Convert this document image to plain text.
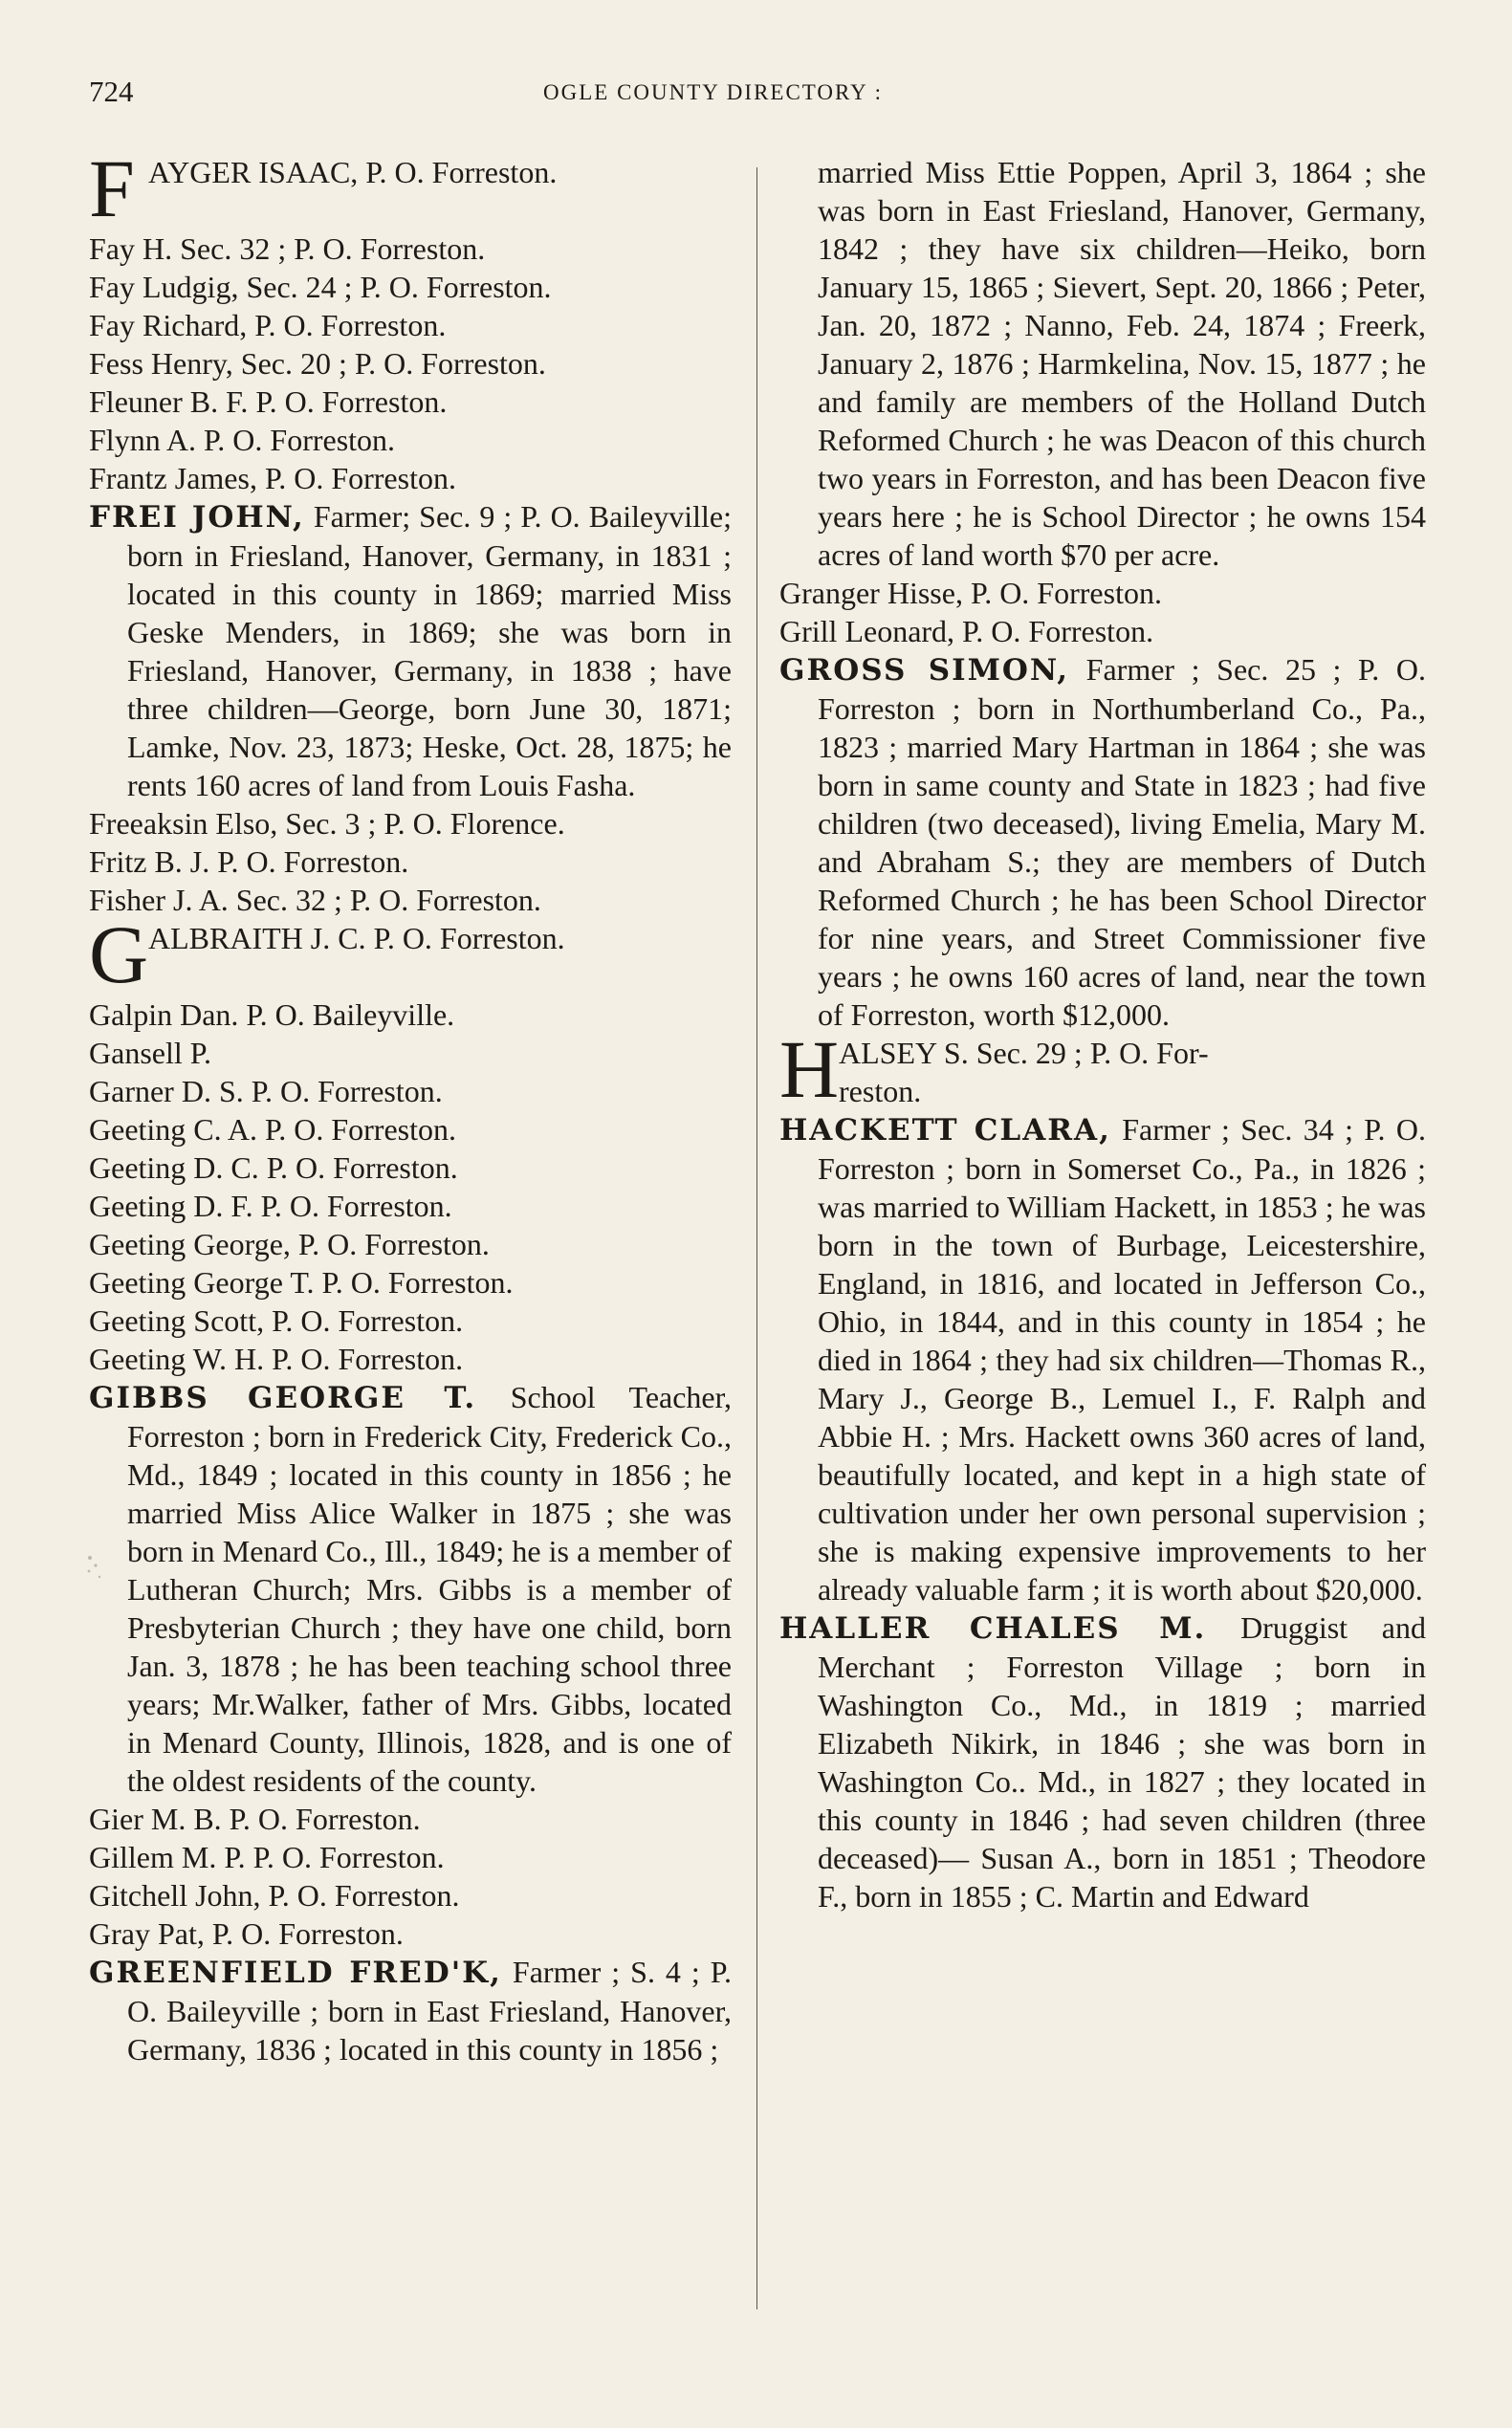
724	OGLE COUNTY DIRECTORY :
F AYGER ISAAC, P. O. Forreston.
Fay H. Sec. 32 ; P. O. Forreston.
Fay Ludgig, Sec. 24 ; P. O. Forreston.
Fay Richard, P. O. Forreston.
Fess Henry, Sec. 20 ; P. O. Forreston.
Fleuner B. F. P. O. Forreston.
Flynn A. P. O. Forreston.
Frantz James, P. O. Forreston.
FREI JOHN, Farmer; Sec. 9 ; P. O. Baileyville; born in Friesland, Hanover, Germany, in 1831 ; located in this county in 1869; married Miss Geske Menders, in 1869; she was born in Friesland, Hanover, Germany, in 1838 ; have three children—George, born June 30, 1871; Lamke, Nov. 23, 1873; Heske, Oct. 28, 1875; he rents 160 acres of land from Louis Fasha.
Freeaksin Elso, Sec. 3 ; P. O. Florence.
Fritz B. J. P. O. Forreston.
Fisher J. A. Sec. 32 ; P. O. Forreston.
G ALBRAITH J. C. P. O. Forreston.
Galpin Dan. P. O. Baileyville.
Gansell P.
Garner D. S. P. O. Forreston.
Geeting C. A. P. O. Forreston.
Geeting D. C. P. O. Forreston.
Geeting D. F. P. O. Forreston.
Geeting George, P. O. Forreston.
Geeting George T. P. O. Forreston.
Geeting Scott, P. O. Forreston.
Geeting W. H. P. O. Forreston.
GIBBS GEORGE T. School Teacher, Forreston ; born in Frederick City, Frederick Co., Md., 1849 ; located in this county in 1856 ; he married Miss Alice Walker in 1875 ; she was born in Menard Co., Ill., 1849; he is a member of Lutheran Church; Mrs. Gibbs is a member of Presbyterian Church ; they have one child, born Jan. 3, 1878 ; he has been teaching school three years; Mr.Walker, father of Mrs. Gibbs, located in Menard County, Illinois, 1828, and is one of the oldest residents of the county.
Gier M. B. P. O. Forreston.
Gillem M. P. P. O. Forreston.
Gitchell John, P. O. Forreston.
Gray Pat, P. O. Forreston.
GREENFIELD FRED'K, Farmer ; S. 4 ; P. O. Baileyville ; born in East Friesland, Hanover, Germany, 1836 ; located in this county in 1856 ;
married Miss Ettie Poppen, April 3, 1864 ; she was born in East Friesland, Hanover, Germany, 1842 ; they have six children—Heiko, born January 15, 1865 ; Sievert, Sept. 20, 1866 ; Peter, Jan. 20, 1872 ; Nanno, Feb. 24, 1874 ; Freerk, January 2, 1876 ; Harmkelina, Nov. 15, 1877 ; he and family are members of the Holland Dutch Reformed Church ; he was Deacon of this church two years in Forreston, and has been Deacon five years here ; he is School Director ; he owns 154 acres of land worth $70 per acre.
Granger Hisse, P. O. Forreston.
Grill Leonard, P. O. Forreston.
GROSS SIMON, Farmer ; Sec. 25 ; P. O. Forreston ; born in Northumberland Co., Pa., 1823 ; married Mary Hartman in 1864 ; she was born in same county and State in 1823 ; had five children (two deceased), living Emelia, Mary M. and Abraham S.; they are members of Dutch Reformed Church ; he has been School Director for nine years, and Street Commissioner five years ; he owns 160 acres of land, near the town of Forreston, worth $12,000.
H ALSEY S. Sec. 29 ; P. O. For-
reston.
HACKETT CLARA, Farmer ; Sec. 34 ; P. O. Forreston ; born in Somerset Co., Pa., in 1826 ; was married to William Hackett, in 1853 ; he was born in the town of Burbage, Leicestershire, England, in 1816, and located in Jefferson Co., Ohio, in 1844, and in this county in 1854 ; he died in 1864 ; they had six children—Thomas R., Mary J., George B., Lemuel I., F. Ralph and Abbie H. ; Mrs. Hackett owns 360 acres of land, beautifully located, and kept in a high state of cultivation under her own personal supervision ; she is making expensive improvements to her already valuable farm ; it is worth about $20,000.
HALLER CHALES M. Druggist and Merchant ; Forreston Village ; born in Washington Co., Md., in 1819 ; married Elizabeth Nikirk, in 1846 ; she was born in Washington Co.. Md., in 1827 ; they located in this county in 1846 ; had seven children (three deceased)— Susan A., born in 1851 ; Theodore F., born in 1855 ; C. Martin and Edward
